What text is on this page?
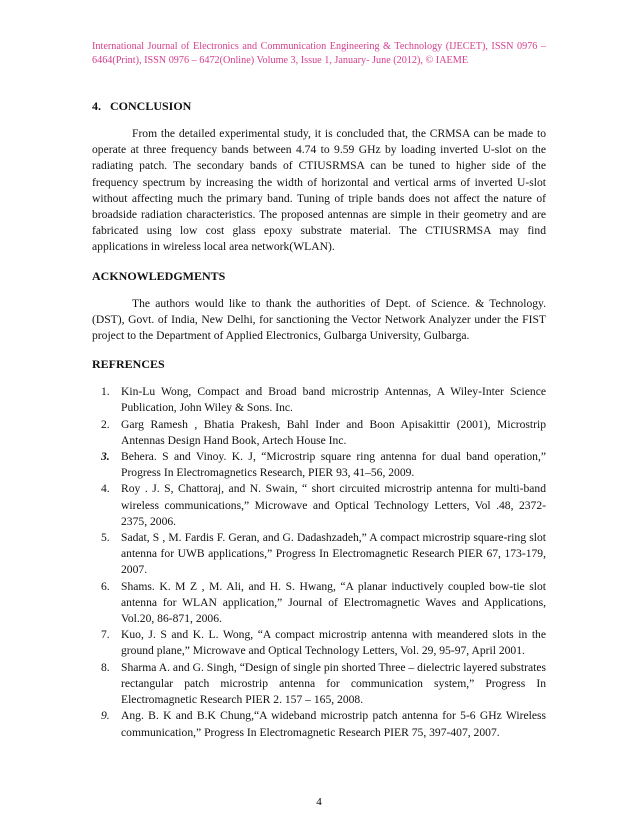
International Journal of Electronics and Communication Engineering & Technology (IJECET), ISSN 0976 – 6464(Print), ISSN 0976 – 6472(Online) Volume 3, Issue 1, January- June (2012), © IAEME
4.   CONCLUSION

From the detailed experimental study, it is concluded that, the CRMSA can be made to operate at three frequency bands between 4.74 to 9.59 GHz by loading inverted U-slot on the radiating patch. The secondary bands of CTIUSRMSA can be tuned to higher side of the frequency spectrum by increasing the width of horizontal and vertical arms of inverted U-slot without affecting much the primary band. Tuning of triple bands does not affect the nature of broadside radiation characteristics. The proposed antennas are simple in their geometry and are fabricated using low cost glass epoxy substrate material. The CTIUSRMSA may find applications in wireless local area network(WLAN).

ACKNOWLEDGMENTS

The authors would like to thank the authorities of Dept. of Science. & Technology. (DST), Govt. of India, New Delhi, for sanctioning the Vector Network Analyzer under the FIST project to the Department of Applied Electronics, Gulbarga University, Gulbarga.

REFRENCES
1. Kin-Lu Wong, Compact and Broad band microstrip Antennas, A Wiley-Inter Science Publication, John Wiley & Sons. Inc.
2. Garg Ramesh , Bhatia Prakesh, Bahl Inder and Boon Apisakittir (2001), Microstrip Antennas Design Hand Book, Artech House Inc.
3. Behera. S and Vinoy. K. J, “Microstrip square ring antenna for dual band operation,” Progress In Electromagnetics Research, PIER 93, 41–56, 2009.
4. Roy . J. S, Chattoraj, and N. Swain, “ short circuited microstrip antenna for multi-band wireless communications,” Microwave and Optical Technology Letters, Vol .48, 2372-2375, 2006.
5. Sadat, S , M. Fardis F. Geran, and G. Dadashzadeh,” A compact microstrip square-ring slot antenna for UWB applications,” Progress In Electromagnetic Research PIER 67, 173-179, 2007.
6. Shams. K. M Z , M. Ali, and H. S. Hwang, “A planar inductively coupled bow-tie slot antenna for WLAN application,” Journal of Electromagnetic Waves and Applications, Vol.20, 86-871, 2006.
7. Kuo, J. S and K. L. Wong, “A compact microstrip antenna with meandered slots in the ground plane,” Microwave and Optical Technology Letters, Vol. 29, 95-97, April 2001.
8. Sharma A. and G. Singh, “Design of single pin shorted Three – dielectric layered substrates rectangular patch microstrip antenna for communication system,” Progress In Electromagnetic Research PIER 2. 157 – 165, 2008.
9. Ang. B. K and B.K Chung,“A wideband microstrip patch antenna for 5-6 GHz Wireless communication,” Progress In Electromagnetic Research PIER 75, 397-407, 2007.
4
